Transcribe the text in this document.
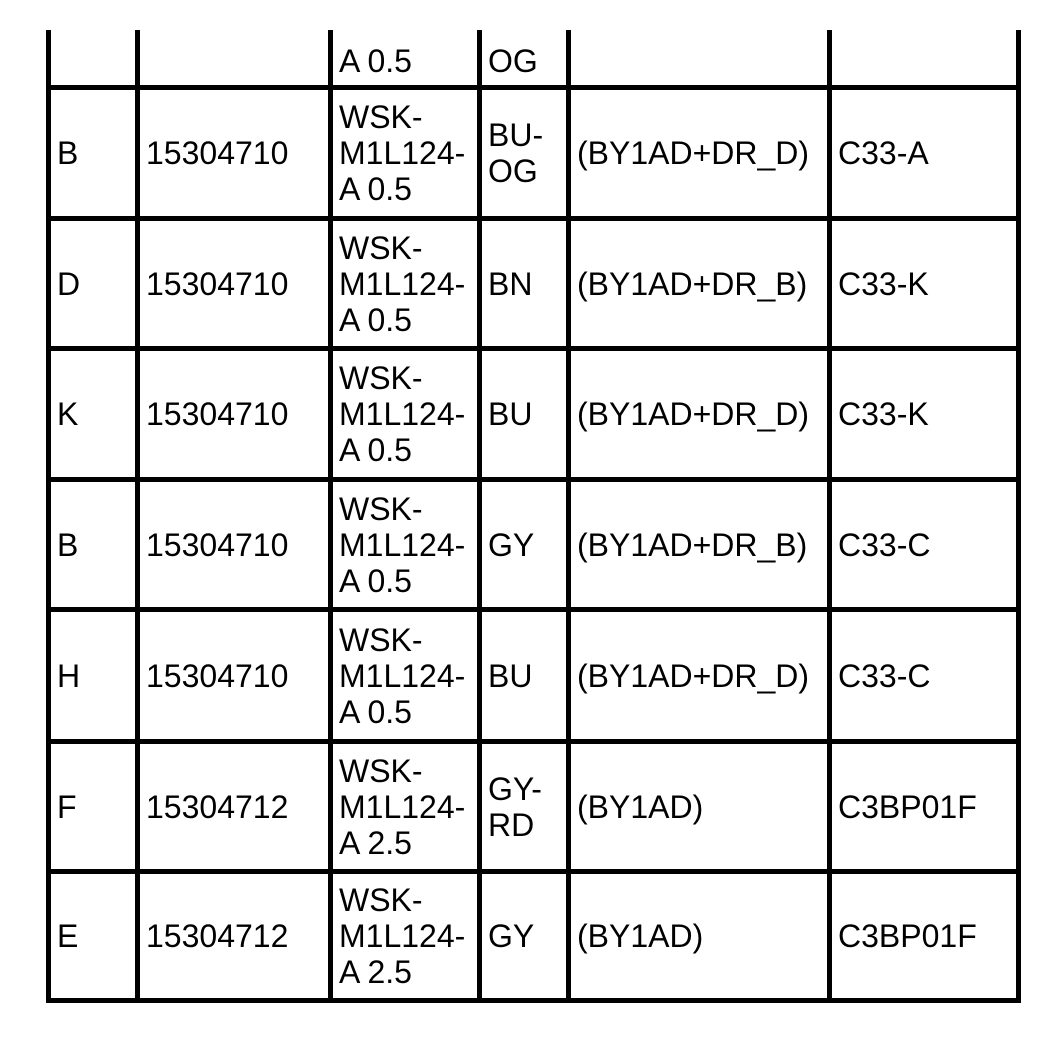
A 0.5 OG
B 15304710
WSK-
M1L124-
A 0.5
BU-
OG (BY1AD+DR_D) C33-A
D 15304710
WSK-
M1L124-
A 0.5
BN (BY1AD+DR_B) C33-K
K 15304710
WSK-
M1L124-
A 0.5
BU (BY1AD+DR_D) C33-K
B 15304710
WSK-
M1L124-
A 0.5
GY (BY1AD+DR_B) C33-C
H 15304710
WSK-
M1L124-
A 0.5
BU (BY1AD+DR_D) C33-C
F 15304712
WSK-
M1L124-
A 2.5
GY-
RD (BY1AD)	C3BP01F
E 15304712
WSK-
M1L124-
A 2.5
GY (BY1AD)	C3BP01F
